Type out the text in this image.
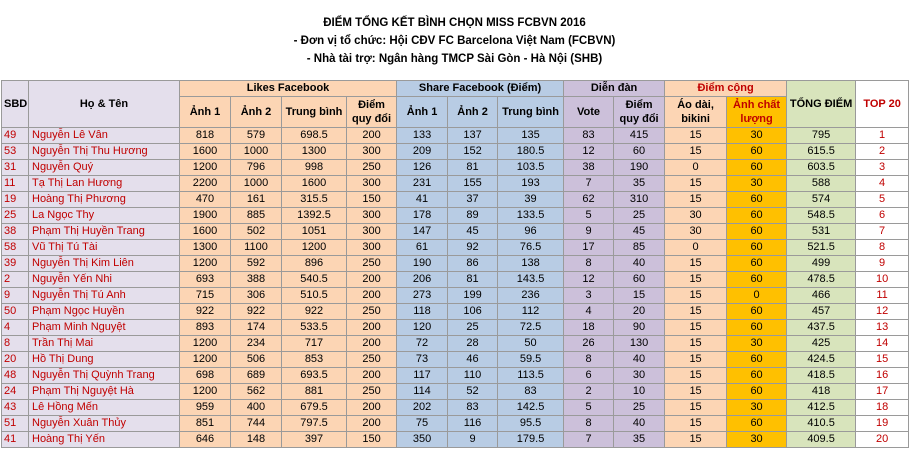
ĐIỂM TỔNG KẾT BÌNH CHỌN MISS FCBVN 2016
- Đơn vị tổ chức: Hội CĐV FC Barcelona Việt Nam (FCBVN)
- Nhà tài trợ: Ngân hàng TMCP Sài Gòn - Hà Nội (SHB)
SBD	Họ & Tên	Likes Facebook				Share Facebook (Điểm)			Diễn đàn		Điểm cộng		TỔNG ĐIỂM	TOP 20
		Ảnh 1	Ảnh 2	Trung bình	Điểm quy đổi	Ảnh 1	Ảnh 2	Trung bình	Vote	Điểm quy đổi	Áo dài, bikini	Ảnh chất lượng		
49	Nguyễn Lê Vân	818	579	698.5	200	133	137	135	83	415	15	30	795	1
53	Nguyễn Thị Thu Hương	1600	1000	1300	300	209	152	180.5	12	60	15	60	615.5	2
31	Nguyễn Quý	1200	796	998	250	126	81	103.5	38	190	0	60	603.5	3
11	Tạ Thị Lan Hương	2200	1000	1600	300	231	155	193	7	35	15	30	588	4
19	Hoàng Thị Phương	470	161	315.5	150	41	37	39	62	310	15	60	574	5
25	La Ngọc Thy	1900	885	1392.5	300	178	89	133.5	5	25	30	60	548.5	6
38	Phạm Thị Huyền Trang	1600	502	1051	300	147	45	96	9	45	30	60	531	7
58	Vũ Thị Tú Tài	1300	1100	1200	300	61	92	76.5	17	85	0	60	521.5	8
39	Nguyễn Thị Kim Liên	1200	592	896	250	190	86	138	8	40	15	60	499	9
2	Nguyễn Yến Nhi	693	388	540.5	200	206	81	143.5	12	60	15	60	478.5	10
9	Nguyễn Thị Tú Anh	715	306	510.5	200	273	199	236	3	15	15	0	466	11
50	Phạm Ngọc Huyền	922	922	922	250	118	106	112	4	20	15	60	457	12
4	Phạm Minh Nguyệt	893	174	533.5	200	120	25	72.5	18	90	15	60	437.5	13
8	Trần Thị Mai	1200	234	717	200	72	28	50	26	130	15	30	425	14
20	Hồ Thị Dung	1200	506	853	250	73	46	59.5	8	40	15	60	424.5	15
48	Nguyễn Thị Quỳnh Trang	698	689	693.5	200	117	110	113.5	6	30	15	60	418.5	16
24	Phạm Thị Nguyệt Hà	1200	562	881	250	114	52	83	2	10	15	60	418	17
43	Lê Hồng Mến	959	400	679.5	200	202	83	142.5	5	25	15	30	412.5	18
51	Nguyễn Xuân Thủy	851	744	797.5	200	75	116	95.5	8	40	15	60	410.5	19
41	Hoàng Thị Yến	646	148	397	150	350	9	179.5	7	35	15	30	409.5	20
